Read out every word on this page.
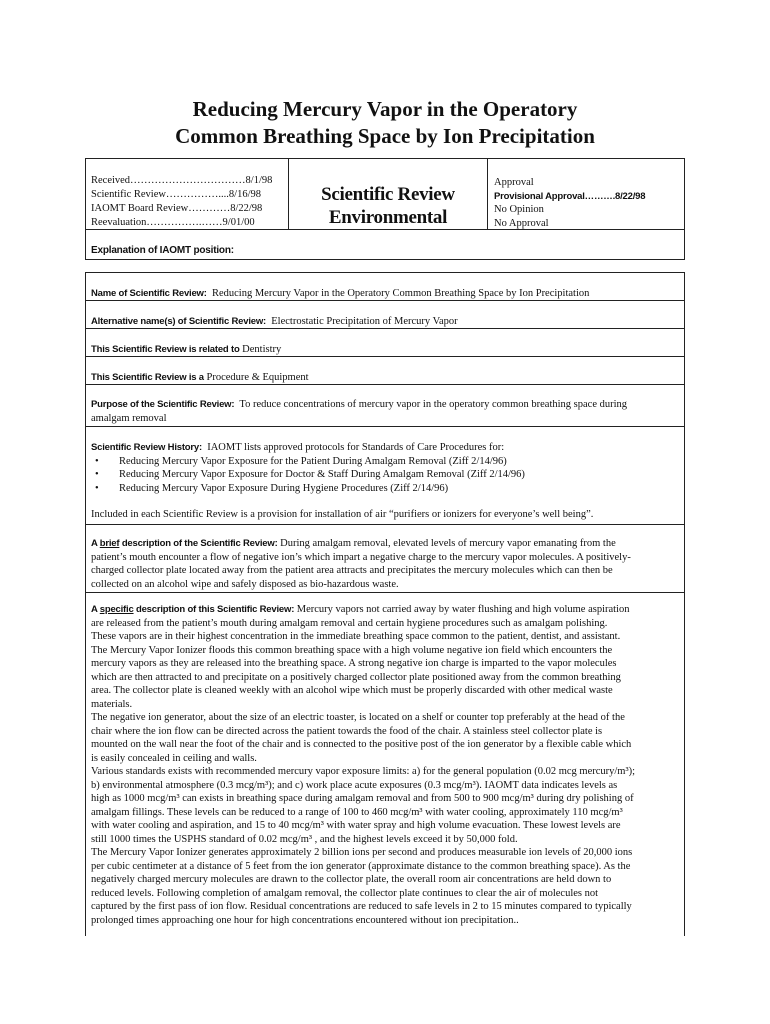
Reducing Mercury Vapor in the Operatory
Common Breathing Space by Ion Precipitation
Received……………………………8/1/98
Scientific Review……………....8/16/98
IAOMT Board Review…………8/22/98
Reevaluation…………….……9/01/00
Scientific Review
Environmental
Approval
Provisional Approval……….8/22/98
No Opinion
No Approval
Explanation of IAOMT position:
Name of Scientific Review: Reducing Mercury Vapor in the Operatory Common Breathing Space by Ion Precipitation
Alternative name(s) of Scientific Review: Electrostatic Precipitation of Mercury Vapor
This Scientific Review is related to Dentistry
This Scientific Review is a Procedure & Equipment
Purpose of the Scientific Review: To reduce concentrations of mercury vapor in the operatory common breathing space during
amalgam removal
Scientific Review History: IAOMT lists approved protocols for Standards of Care Procedures for:
• Reducing Mercury Vapor Exposure for the Patient During Amalgam Removal (Ziff 2/14/96)
• Reducing Mercury Vapor Exposure for Doctor & Staff During Amalgam Removal (Ziff 2/14/96)
• Reducing Mercury Vapor Exposure During Hygiene Procedures (Ziff 2/14/96)
Included in each Scientific Review is a provision for installation of air “purifiers or ionizers for everyone’s well being”.
A brief description of the Scientific Review: During amalgam removal, elevated levels of mercury vapor emanating from the
patient’s mouth encounter a flow of negative ion’s which impart a negative charge to the mercury vapor molecules. A positively-
charged collector plate located away from the patient area attracts and precipitates the mercury molecules which can then be
collected on an alcohol wipe and safely disposed as bio-hazardous waste.
A specific description of this Scientific Review: Mercury vapors not carried away by water flushing and high volume aspiration
are released from the patient’s mouth during amalgam removal and certain hygiene procedures such as amalgam polishing.
These vapors are in their highest concentration in the immediate breathing space common to the patient, dentist, and assistant.
The Mercury Vapor Ionizer floods this common breathing space with a high volume negative ion field which encounters the
mercury vapors as they are released into the breathing space. A strong negative ion charge is imparted to the vapor molecules
which are then attracted to and precipitate on a positively charged collector plate positioned away from the common breathing
area. The collector plate is cleaned weekly with an alcohol wipe which must be properly discarded with other medical waste
materials.
The negative ion generator, about the size of an electric toaster, is located on a shelf or counter top preferably at the head of the
chair where the ion flow can be directed across the patient towards the food of the chair. A stainless steel collector plate is
mounted on the wall near the foot of the chair and is connected to the positive post of the ion generator by a flexible cable which
is easily concealed in ceiling and walls.
Various standards exists with recommended mercury vapor exposure limits: a) for the general population (0.02 mcg mercury/m³);
b) environmental atmosphere (0.3 mcg/m³); and c) work place acute exposures (0.3 mcg/m³). IAOMT data indicates levels as
high as 1000 mcg/m³ can exists in breathing space during amalgam removal and from 500 to 900 mcg/m³ during dry polishing of
amalgam fillings. These levels can be reduced to a range of 100 to 460 mcg/m³ with water cooling, approximately 110 mcg/m³
with water cooling and aspiration, and 15 to 40 mcg/m³ with water spray and high volume evacuation. These lowest levels are
still 1000 times the USPHS standard of 0.02 mcg/m³ , and the highest levels exceed it by 50,000 fold.
The Mercury Vapor Ionizer generates approximately 2 billion ions per second and produces measurable ion levels of 20,000 ions
per cubic centimeter at a distance of 5 feet from the ion generator (approximate distance to the common breathing space). As the
negatively charged mercury molecules are drawn to the collector plate, the overall room air concentrations are held down to
reduced levels. Following completion of amalgam removal, the collector plate continues to clear the air of molecules not
captured by the first pass of ion flow. Residual concentrations are reduced to safe levels in 2 to 15 minutes compared to typically
prolonged times approaching one hour for high concentrations encountered without ion precipitation..
